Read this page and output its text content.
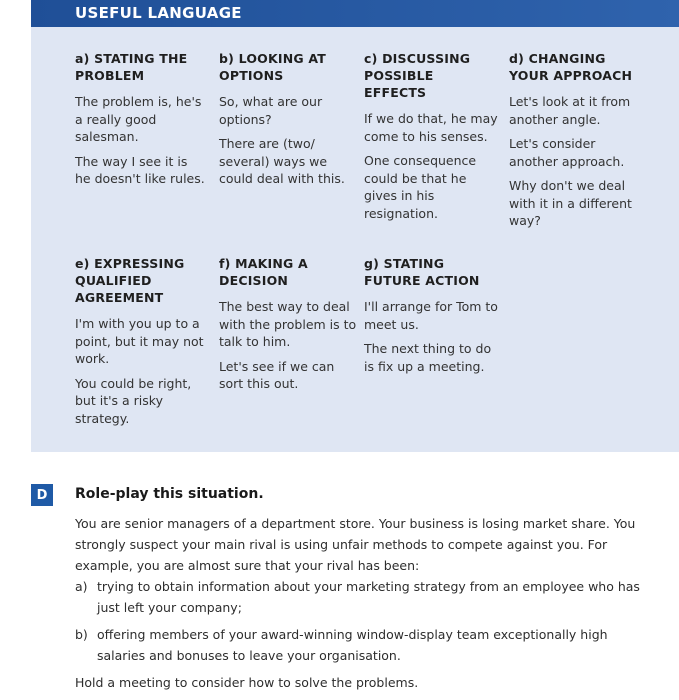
USEFUL LANGUAGE
a) STATING THE PROBLEM

The problem is, he's a really good salesman.

The way I see it is he doesn't like rules.

b) LOOKING AT OPTIONS

So, what are our options?

There are (two/ several) ways we could deal with this.

c) DISCUSSING POSSIBLE EFFECTS

If we do that, he may come to his senses.

One consequence could be that he gives in his resignation.

d) CHANGING YOUR APPROACH

Let's look at it from another angle.

Let's consider another approach.

Why don't we deal with it in a different way?

e) EXPRESSING QUALIFIED AGREEMENT

I'm with you up to a point, but it may not work.

You could be right, but it's a risky strategy.

f) MAKING A DECISION

The best way to deal with the problem is to talk to him.

Let's see if we can sort this out.

g) STATING FUTURE ACTION

I'll arrange for Tom to meet us.

The next thing to do is fix up a meeting.

D	Role-play this situation.

You are senior managers of a department store. Your business is losing market share. You strongly suspect your main rival is using unfair methods to compete against you. For example, you are almost sure that your rival has been:

a) trying to obtain information about your marketing strategy from an employee who has just left your company;
b) offering members of your award-winning window-display team exceptionally high salaries and bonuses to leave your organisation.

Hold a meeting to consider how to solve the problems.
